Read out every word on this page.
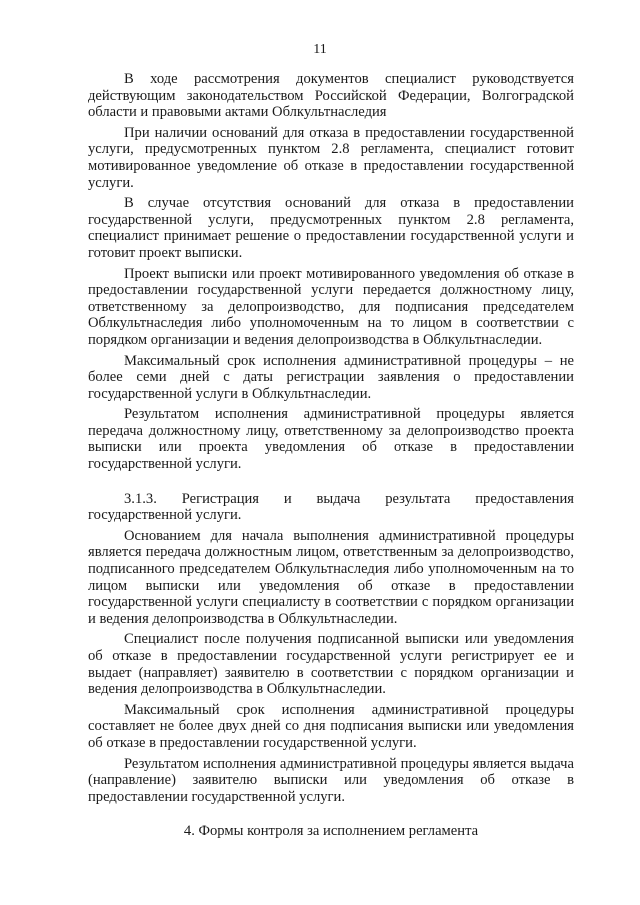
11

В ходе рассмотрения документов специалист руководствуется действующим законодательством Российской Федерации, Волгоградской области и правовыми актами Облкультнаследия

При наличии оснований для отказа в предоставлении государственной услуги, предусмотренных пунктом 2.8 регламента, специалист готовит мотивированное уведомление об отказе в предоставлении государственной услуги.

В случае отсутствия оснований для отказа в предоставлении государственной услуги, предусмотренных пунктом 2.8 регламента, специалист принимает решение о предоставлении государственной услуги и готовит проект выписки.

Проект выписки или проект мотивированного уведомления об отказе в предоставлении государственной услуги передается должностному лицу, ответственному за делопроизводство, для подписания председателем Облкультнаследия либо уполномоченным на то лицом в соответствии с порядком организации и ведения делопроизводства в Облкультнаследии.

Максимальный срок исполнения административной процедуры – не более семи дней с даты регистрации заявления о предоставлении государственной услуги в Облкультнаследии.

Результатом исполнения административной процедуры является передача должностному лицу, ответственному за делопроизводство проекта выписки или проекта уведомления об отказе в предоставлении государственной услуги.

3.1.3. Регистрация и выдача результата предоставления государственной услуги.

Основанием для начала выполнения административной процедуры является передача должностным лицом, ответственным за делопроизводство, подписанного председателем Облкультнаследия либо уполномоченным на то лицом выписки или уведомления об отказе в предоставлении государственной услуги специалисту в соответствии с порядком организации и ведения делопроизводства в Облкультнаследии.

Специалист после получения подписанной выписки или уведомления об отказе в предоставлении государственной услуги регистрирует ее и выдает (направляет) заявителю в соответствии с порядком организации и ведения делопроизводства в Облкультнаследии.

Максимальный срок исполнения административной процедуры составляет не более двух дней со дня подписания выписки или уведомления об отказе в предоставлении государственной услуги.

Результатом исполнения административной процедуры является выдача (направление) заявителю выписки или уведомления об отказе в предоставлении государственной услуги.

4. Формы контроля за исполнением регламента
